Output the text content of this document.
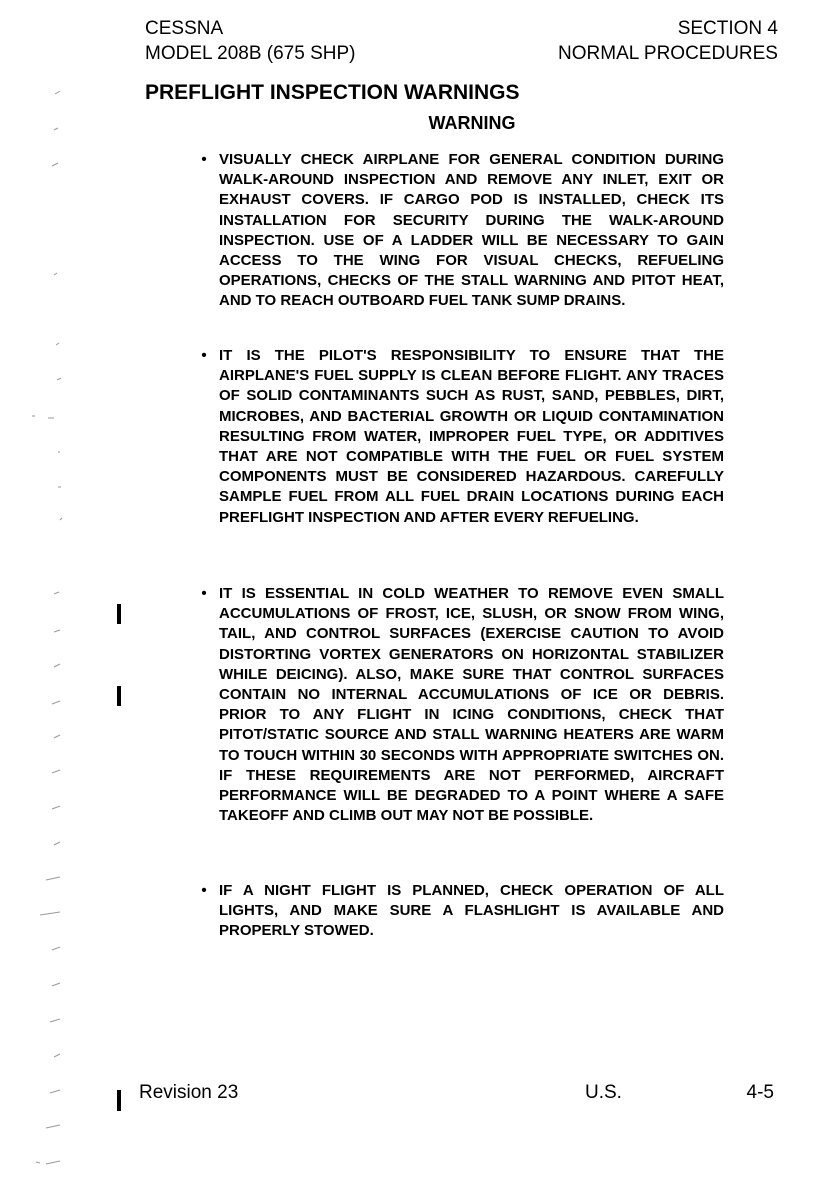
CESSNA
MODEL 208B (675 SHP)
SECTION 4
NORMAL PROCEDURES
PREFLIGHT INSPECTION WARNINGS
WARNING
• VISUALLY CHECK AIRPLANE FOR GENERAL CONDITION DURING WALK-AROUND INSPECTION AND REMOVE ANY INLET, EXIT OR EXHAUST COVERS. IF CARGO POD IS INSTALLED, CHECK ITS INSTALLATION FOR SECURITY DURING THE WALK-AROUND INSPECTION. USE OF A LADDER WILL BE NECESSARY TO GAIN ACCESS TO THE WING FOR VISUAL CHECKS, REFUELING OPERATIONS, CHECKS OF THE STALL WARNING AND PITOT HEAT, AND TO REACH OUTBOARD FUEL TANK SUMP DRAINS.
• IT IS THE PILOT'S RESPONSIBILITY TO ENSURE THAT THE AIRPLANE'S FUEL SUPPLY IS CLEAN BEFORE FLIGHT. ANY TRACES OF SOLID CONTAMINANTS SUCH AS RUST, SAND, PEBBLES, DIRT, MICROBES, AND BACTERIAL GROWTH OR LIQUID CONTAMINATION RESULTING FROM WATER, IMPROPER FUEL TYPE, OR ADDITIVES THAT ARE NOT COMPATIBLE WITH THE FUEL OR FUEL SYSTEM COMPONENTS MUST BE CONSIDERED HAZARDOUS. CAREFULLY SAMPLE FUEL FROM ALL FUEL DRAIN LOCATIONS DURING EACH PREFLIGHT INSPECTION AND AFTER EVERY REFUELING.
• IT IS ESSENTIAL IN COLD WEATHER TO REMOVE EVEN SMALL ACCUMULATIONS OF FROST, ICE, SLUSH, OR SNOW FROM WING, TAIL, AND CONTROL SURFACES (EXERCISE CAUTION TO AVOID DISTORTING VORTEX GENERATORS ON HORIZONTAL STABILIZER WHILE DEICING). ALSO, MAKE SURE THAT CONTROL SURFACES CONTAIN NO INTERNAL ACCUMULATIONS OF ICE OR DEBRIS. PRIOR TO ANY FLIGHT IN ICING CONDITIONS, CHECK THAT PITOT/STATIC SOURCE AND STALL WARNING HEATERS ARE WARM TO TOUCH WITHIN 30 SECONDS WITH APPROPRIATE SWITCHES ON. IF THESE REQUIREMENTS ARE NOT PERFORMED, AIRCRAFT PERFORMANCE WILL BE DEGRADED TO A POINT WHERE A SAFE TAKEOFF AND CLIMB OUT MAY NOT BE POSSIBLE.
• IF A NIGHT FLIGHT IS PLANNED, CHECK OPERATION OF ALL LIGHTS, AND MAKE SURE A FLASHLIGHT IS AVAILABLE AND PROPERLY STOWED.
Revision 23	U.S.	4-5
